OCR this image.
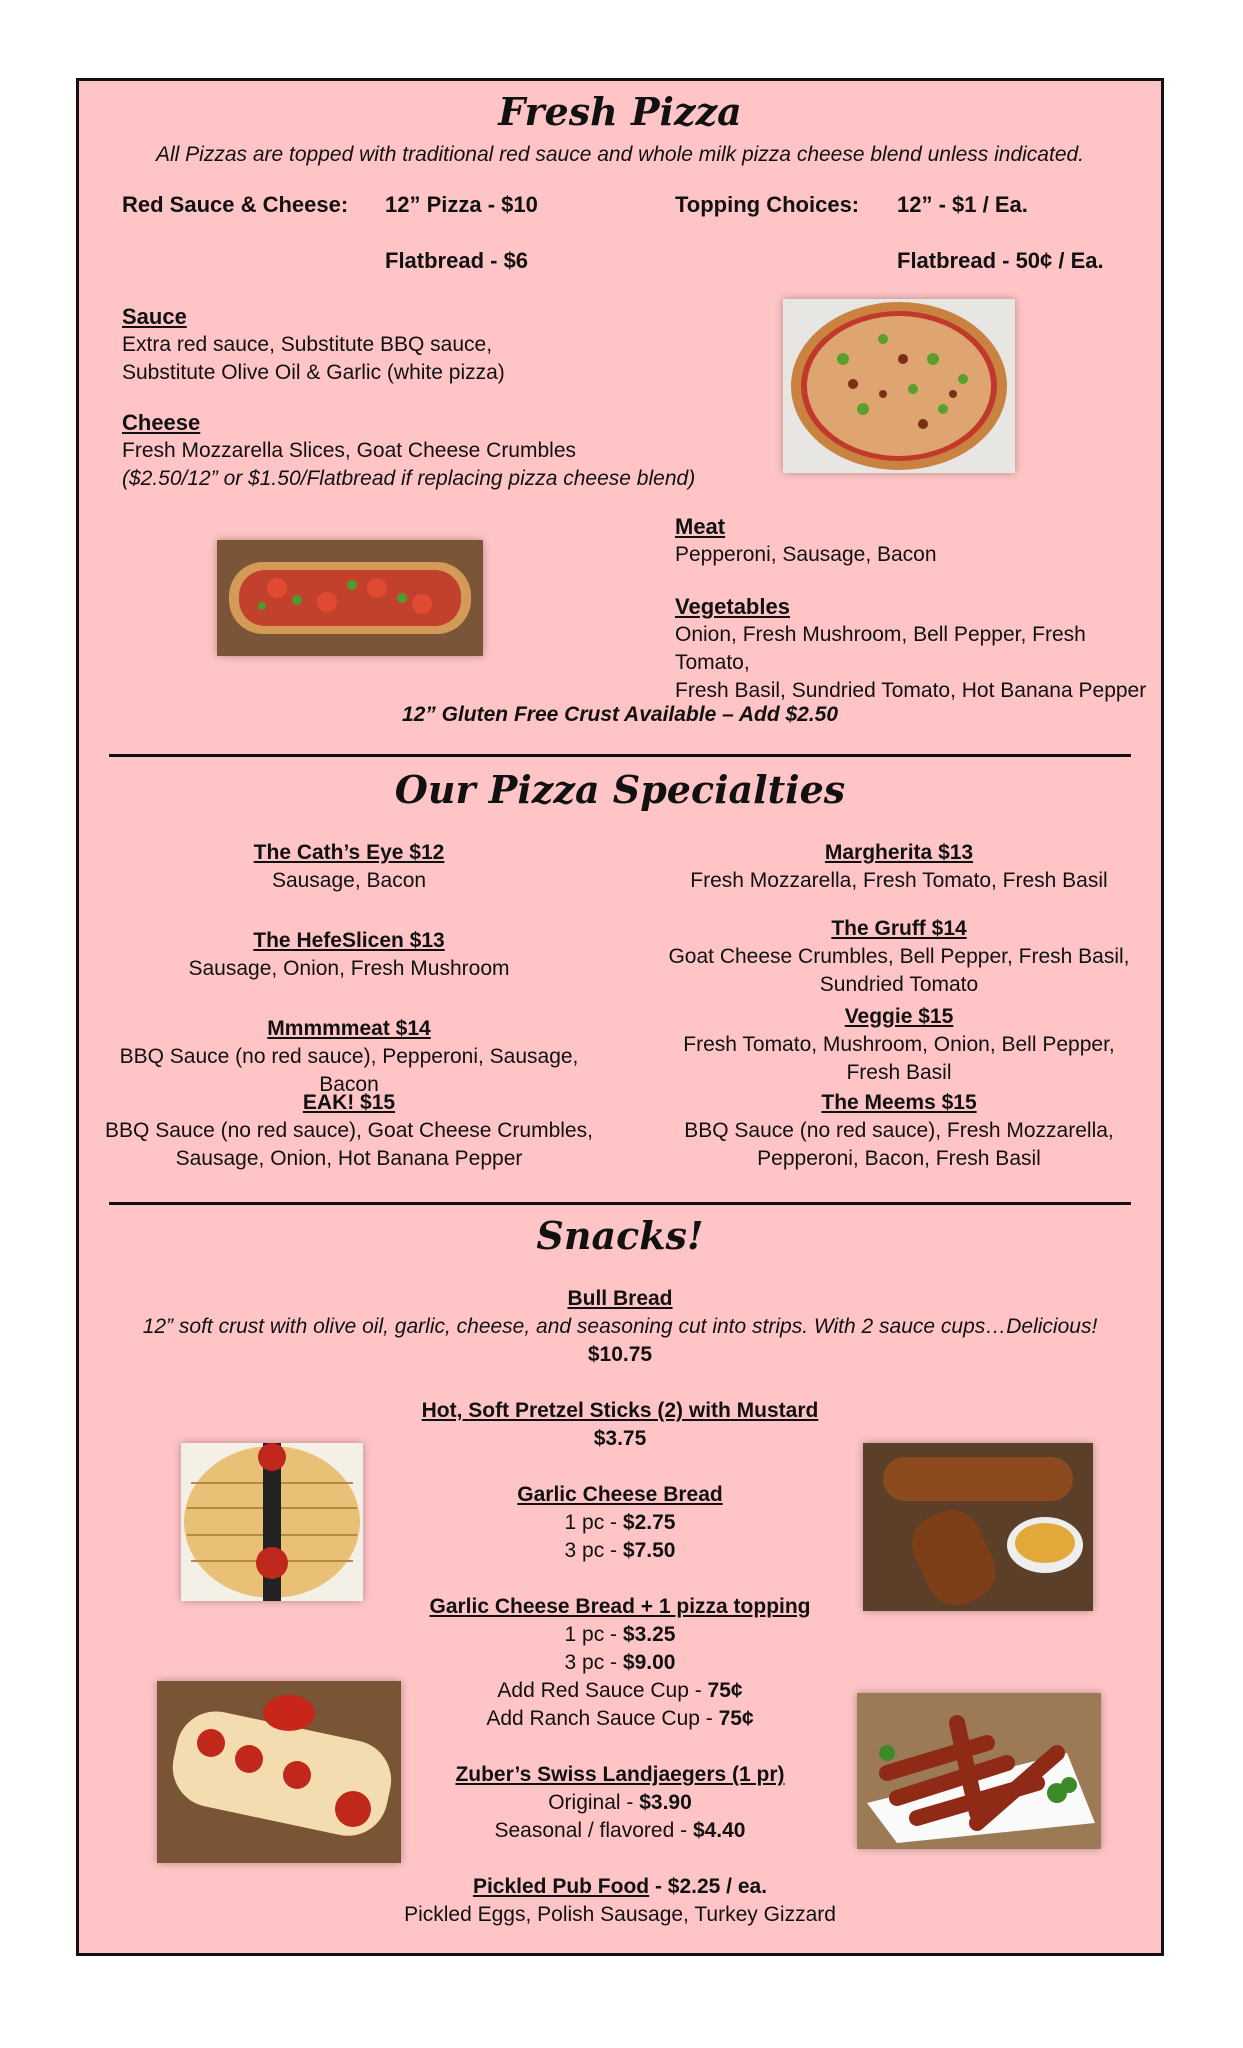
Fresh Pizza
All Pizzas are topped with traditional red sauce and whole milk pizza cheese blend unless indicated.
Red Sauce & Cheese: 12” Pizza - $10
Flatbread - $6
Topping Choices: 12” - $1 / Ea.
Flatbread - 50¢ / Ea.
Sauce
Extra red sauce, Substitute BBQ sauce,
Substitute Olive Oil & Garlic (white pizza)
Cheese
Fresh Mozzarella Slices, Goat Cheese Crumbles
($2.50/12” or $1.50/Flatbread if replacing pizza cheese blend)
Meat
Pepperoni, Sausage, Bacon
Vegetables
Onion, Fresh Mushroom, Bell Pepper, Fresh Tomato,
Fresh Basil, Sundried Tomato, Hot Banana Pepper
12” Gluten Free Crust Available – Add $2.50
Our Pizza Specialties
The Cath’s Eye $12
Sausage, Bacon
The HefeSlicen $13
Sausage, Onion, Fresh Mushroom
Mmmmmeat $14
BBQ Sauce (no red sauce), Pepperoni, Sausage, Bacon
EAK! $15
BBQ Sauce (no red sauce), Goat Cheese Crumbles,
Sausage, Onion, Hot Banana Pepper
Margherita $13
Fresh Mozzarella, Fresh Tomato, Fresh Basil
The Gruff $14
Goat Cheese Crumbles, Bell Pepper, Fresh Basil,
Sundried Tomato
Veggie $15
Fresh Tomato, Mushroom, Onion, Bell Pepper,
Fresh Basil
The Meems $15
BBQ Sauce (no red sauce), Fresh Mozzarella,
Pepperoni, Bacon, Fresh Basil
Snacks!
Bull Bread
12” soft crust with olive oil, garlic, cheese, and seasoning cut into strips. With 2 sauce cups…Delicious!
$10.75
Hot, Soft Pretzel Sticks (2) with Mustard
$3.75
Garlic Cheese Bread
1 pc - $2.75
3 pc - $7.50
Garlic Cheese Bread + 1 pizza topping
1 pc - $3.25
3 pc - $9.00
Add Red Sauce Cup - 75¢
Add Ranch Sauce Cup - 75¢
Zuber’s Swiss Landjaegers (1 pr)
Original - $3.90
Seasonal / flavored - $4.40
Pickled Pub Food - $2.25 / ea.
Pickled Eggs, Polish Sausage, Turkey Gizzard
